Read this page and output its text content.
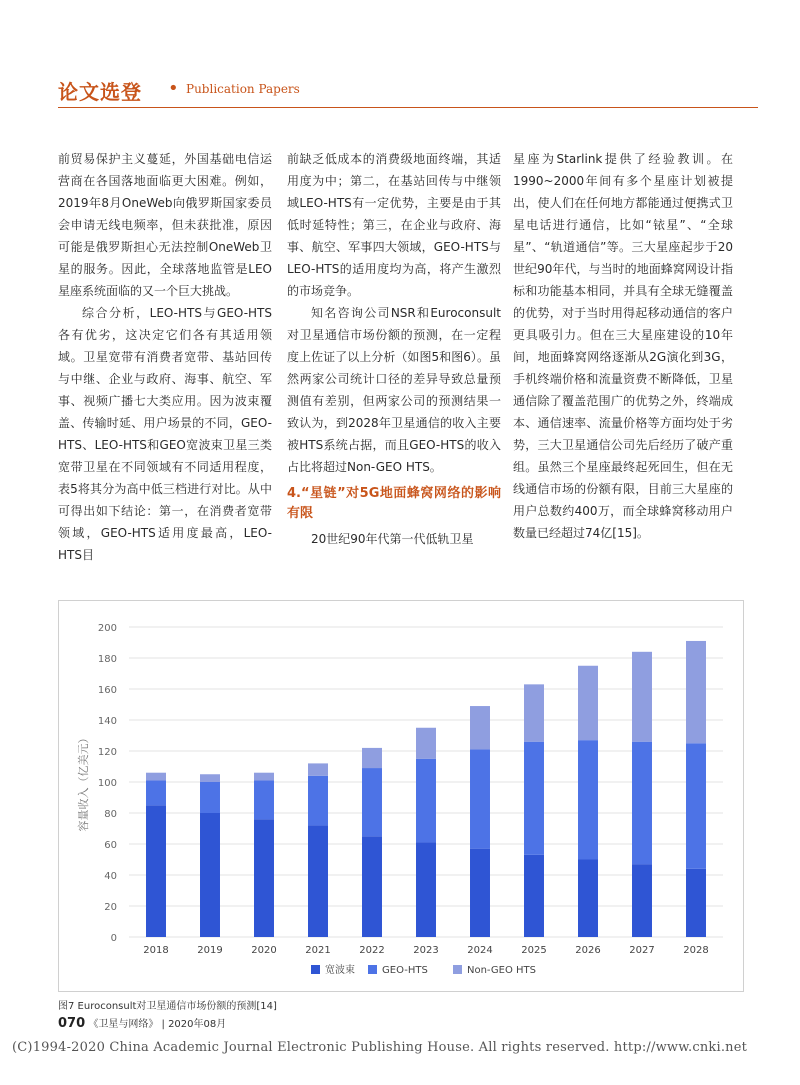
论文选登 • Publication Papers

前贸易保护主义蔓延，外国基础电信运营商在各国落地面临更大困难。例如，2019年8月OneWeb向俄罗斯国家委员会申请无线电频率，但未获批准，原因可能是俄罗斯担心无法控制OneWeb卫星的服务。因此，全球落地监管是LEO星座系统面临的又一个巨大挑战。

综合分析，LEO-HTS与GEO-HTS各有优劣，这决定它们各有其适用领域。卫星宽带有消费者宽带、基站回传与中继、企业与政府、海事、航空、军事、视频广播七大类应用。因为波束覆盖、传输时延、用户场景的不同，GEO-HTS、LEO-HTS和GEO宽波束卫星三类宽带卫星在不同领域有不同适用程度，表5将其分为高中低三档进行对比。从中可得出如下结论：第一，在消费者宽带领域，GEO-HTS适用度最高，LEO-HTS目

前缺乏低成本的消费级地面终端，其适用度为中；第二，在基站回传与中继领域LEO-HTS有一定优势，主要是由于其低时延特性；第三，在企业与政府、海事、航空、军事四大领域，GEO-HTS与LEO-HTS的适用度均为高，将产生激烈的市场竞争。

知名咨询公司NSR和Euroconsult对卫星通信市场份额的预测，在一定程度上佐证了以上分析（如图5和图6）。虽然两家公司统计口径的差异导致总量预测值有差别，但两家公司的预测结果一致认为，到2028年卫星通信的收入主要被HTS系统占据，而且GEO-HTS的收入占比将超过Non-GEO HTS。

4.“星链”对5G地面蜂窝网络的影响有限

20世纪90年代第一代低轨卫星

星座为Starlink提供了经验教训。在1990~2000年间有多个星座计划被提出，使人们在任何地方都能通过便携式卫星电话进行通信，比如“铱星”、“全球星”、“轨道通信”等。三大星座起步于20世纪90年代，与当时的地面蜂窝网设计指标和功能基本相同，并具有全球无缝覆盖的优势，对于当时用得起移动通信的客户更具吸引力。但在三大星座建设的10年间，地面蜂窝网络逐渐从2G演化到3G，手机终端价格和流量资费不断降低，卫星通信除了覆盖范围广的优势之外，终端成本、通信速率、流量价格等方面均处于劣势，三大卫星通信公司先后经历了破产重组。虽然三个星座最终起死回生，但在无线通信市场的份额有限，目前三大星座的用户总数约400万，而全球蜂窝移动用户数量已经超过74亿[15]。

0
20
40
60
80
100
120
140
160
180
200
容量收入（亿美元）
2018	2019	2020	2021	2022	2023	2024	2025	2026	2027	2028
宽波束	GEO-HTS	Non-GEO HTS
图7 Euroconsult对卫星通信市场份额的预测[14]
070 《卫星与网络》 | 2020年08月
(C)1994-2020 China Academic Journal Electronic Publishing House. All rights reserved. http://www.cnki.net
